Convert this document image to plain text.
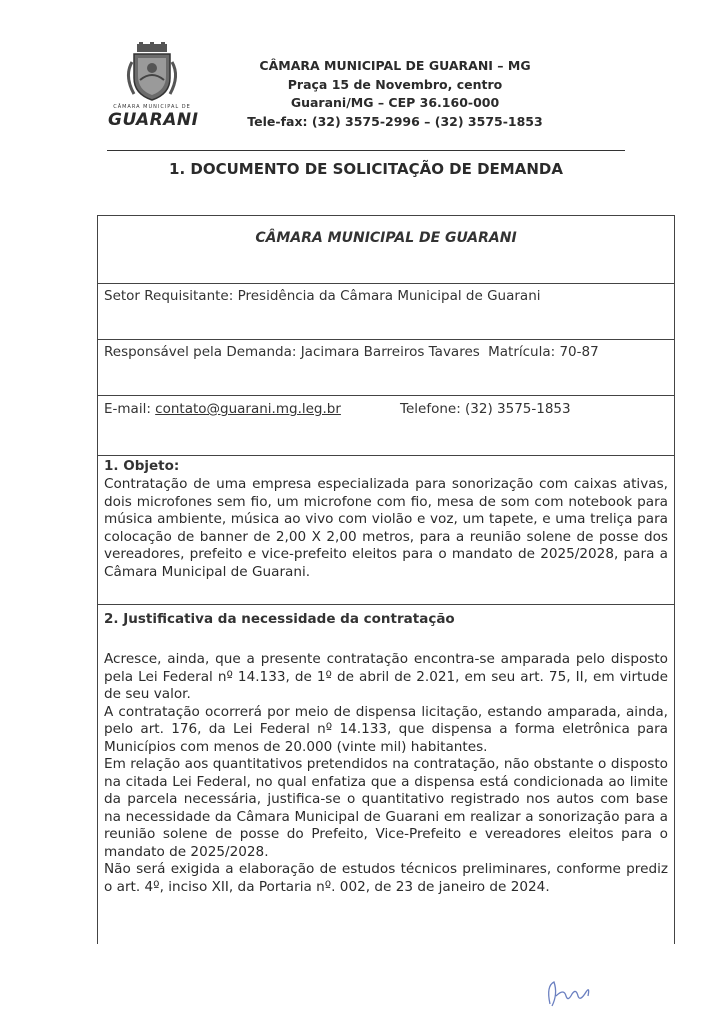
CÂMARA MUNICIPAL DE
GUARANI
CÂMARA MUNICIPAL DE GUARANI – MG
Praça 15 de Novembro, centro
Guarani/MG – CEP 36.160-000
Tele-fax: (32) 3575-2996 – (32) 3575-1853
1. DOCUMENTO DE SOLICITAÇÃO DE DEMANDA
CÂMARA MUNICIPAL DE GUARANI
Setor Requisitante: Presidência da Câmara Municipal de Guarani
Responsável pela Demanda: Jacimara Barreiros Tavares Matrícula: 70-87
E-mail: contato@guarani.mg.leg.br	Telefone: (32) 3575-1853
1. Objeto:

Contratação de uma empresa especializada para sonorização com caixas ativas, dois microfones sem fio, um microfone com fio, mesa de som com notebook para música ambiente, música ao vivo com violão e voz, um tapete, e uma treliça para colocação de banner de 2,00 X 2,00 metros, para a reunião solene de posse dos vereadores, prefeito e vice-prefeito eleitos para o mandato de 2025/2028, para a Câmara Municipal de Guarani.

2. Justificativa da necessidade da contratação

Acresce, ainda, que a presente contratação encontra-se amparada pelo disposto pela Lei Federal nº 14.133, de 1º de abril de 2.021, em seu art. 75, II, em virtude de seu valor.

A contratação ocorrerá por meio de dispensa licitação, estando amparada, ainda, pelo art. 176, da Lei Federal nº 14.133, que dispensa a forma eletrônica para Municípios com menos de 20.000 (vinte mil) habitantes.

Em relação aos quantitativos pretendidos na contratação, não obstante o disposto na citada Lei Federal, no qual enfatiza que a dispensa está condicionada ao limite da parcela necessária, justifica-se o quantitativo registrado nos autos com base na necessidade da Câmara Municipal de Guarani em realizar a sonorização para a reunião solene de posse do Prefeito, Vice-Prefeito e vereadores eleitos para o mandato de 2025/2028.

Não será exigida a elaboração de estudos técnicos preliminares, conforme prediz o art. 4º, inciso XII, da Portaria nº. 002, de 23 de janeiro de 2024.
